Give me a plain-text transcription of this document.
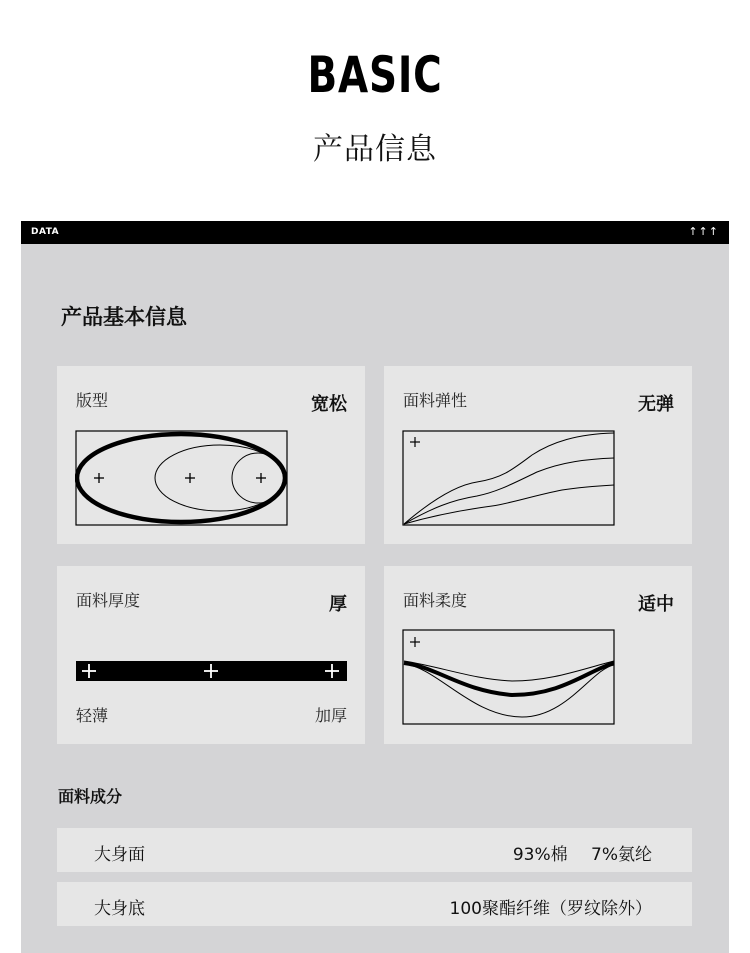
BASIC
产品信息
DATA	↑↑↑
产品基本信息
版型	宽松	面料弹性	无弹
面料厚度	厚
轻薄	加厚
面料柔度	适中
面料成分
大身面	93%棉 7%氨纶
大身底	100聚酯纤维（罗纹除外）
